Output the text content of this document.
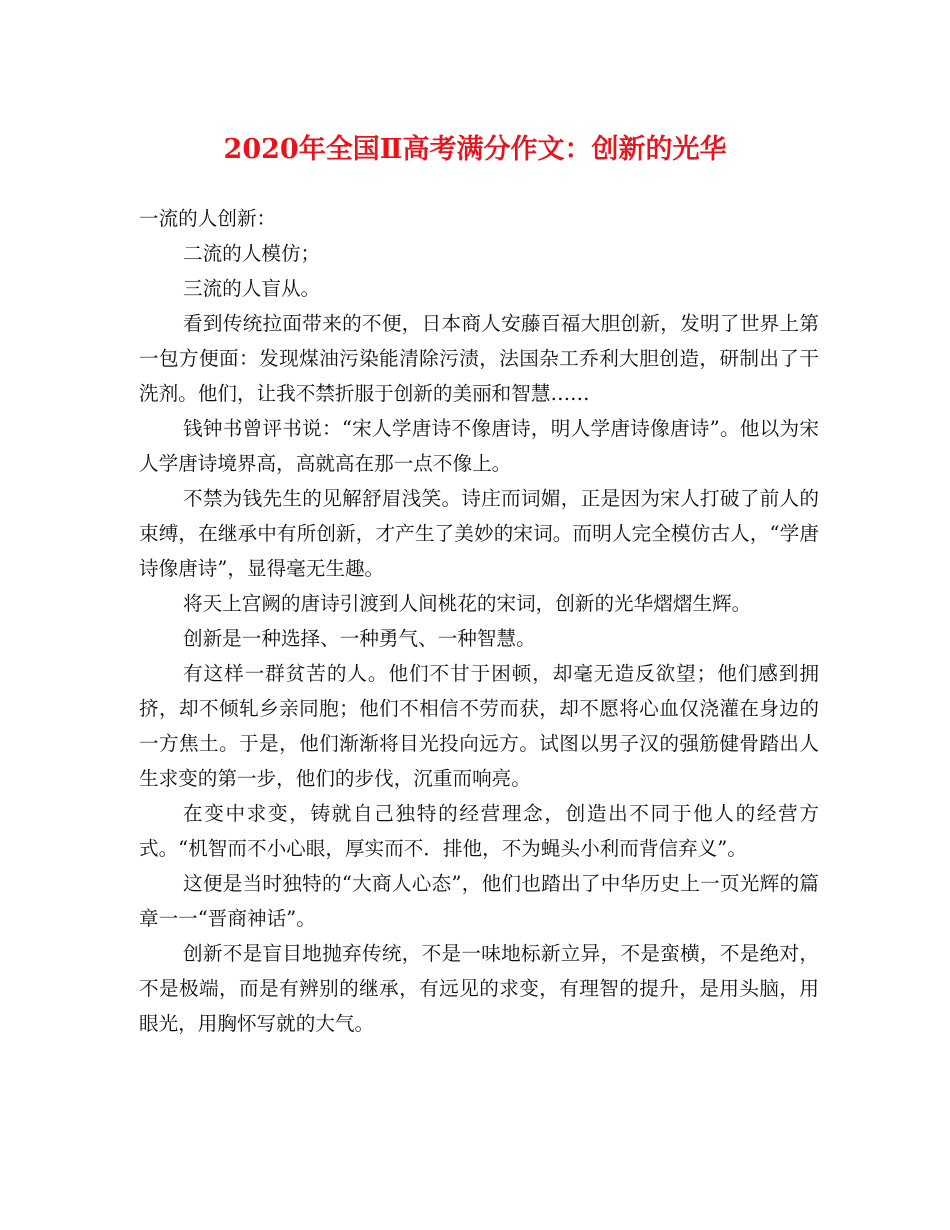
2020年全国Ⅱ高考满分作文：创新的光华

一流的人创新：

二流的人模仿；

三流的人盲从。

看到传统拉面带来的不便，日本商人安藤百福大胆创新，发明了世界上第一包方便面：发现煤油污染能清除污渍，法国杂工乔利大胆创造，研制出了干洗剂。他们，让我不禁折服于创新的美丽和智慧……

钱钟书曾评书说：“宋人学唐诗不像唐诗，明人学唐诗像唐诗”。他以为宋人学唐诗境界高，高就高在那一点不像上。

不禁为钱先生的见解舒眉浅笑。诗庄而词媚，正是因为宋人打破了前人的束缚，在继承中有所创新，才产生了美妙的宋词。而明人完全模仿古人，“学唐诗像唐诗”，显得毫无生趣。

将天上宫阙的唐诗引渡到人间桃花的宋词，创新的光华熠熠生辉。

创新是一种选择、一种勇气、一种智慧。

有这样一群贫苦的人。他们不甘于困顿，却毫无造反欲望；他们感到拥挤，却不倾轧乡亲同胞；他们不相信不劳而获，却不愿将心血仅浇灌在身边的一方焦土。于是，他们渐渐将目光投向远方。试图以男子汉的强筋健骨踏出人生求变的第一步，他们的步伐，沉重而响亮。

在变中求变，铸就自己独特的经营理念，创造出不同于他人的经营方式。“机智而不小心眼，厚实而不．排他，不为蝇头小利而背信弃义”。

这便是当时独特的“大商人心态”，他们也踏出了中华历史上一页光辉的篇章一一“晋商神话”。

创新不是盲目地抛弃传统，不是一味地标新立异，不是蛮横，不是绝对，不是极端，而是有辨别的继承，有远见的求变，有理智的提升，是用头脑，用眼光，用胸怀写就的大气。
